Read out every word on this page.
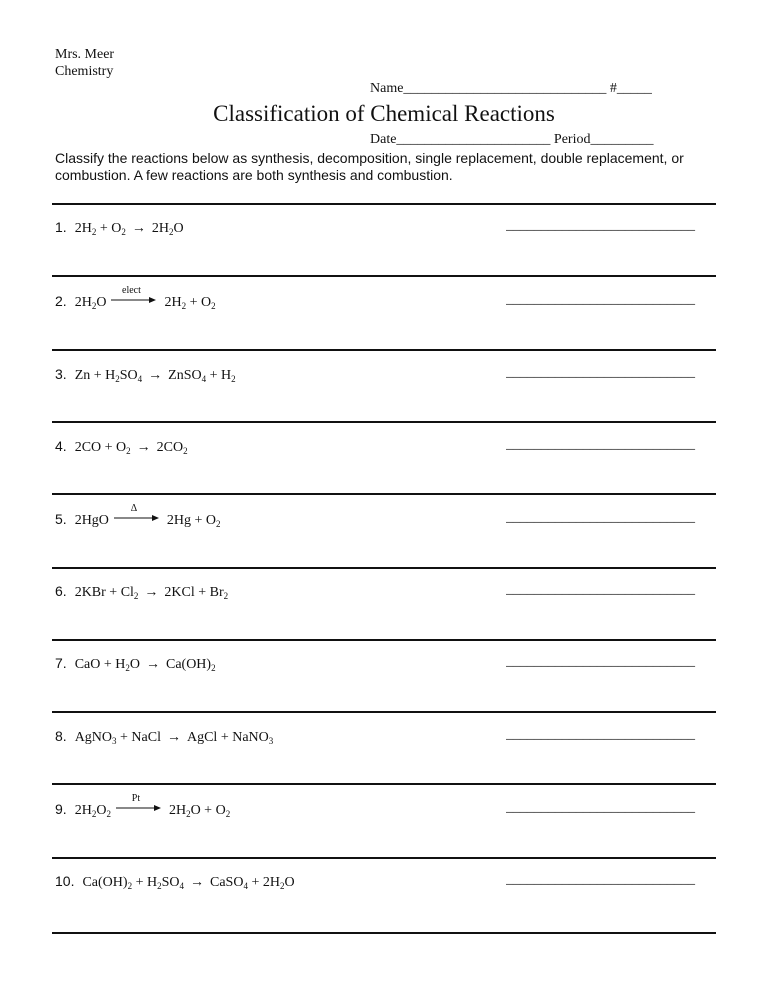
Mrs. Meer
Chemistry

Name_____________________________ #_____

Date______________________ Period_________

Classification of Chemical Reactions
Classify the reactions below as synthesis, decomposition, single replacement, double replacement, or combustion. A few reactions are both synthesis and combustion.
1. $2H_2 + O_2 \to 2H_2O$	___________________________
2. $2H_2O$
elect
$2H_2 + O_2$	___________________________
3. $Zn + H_2SO_4$ → ZnSO$_4$ + $H_2$	___________________________
4. $2CO + O_2 \to 2CO_2$	___________________________
5. 2HgO
Δ
$2Hg + O_2$	___________________________
6. $2KBr + Cl_2 \to 2KCl + Br_2$	___________________________
7. CaO + $H_2O \to Ca(OH)_2$	___________________________
8. AgNO$_3$ + NaCl → AgCl + NaNO$_3$	___________________________
9. $2H_2O_2$
Pt
$2H_2O + O_2$	___________________________
10. $Ca(OH)_2 + H_2SO_4$ → CaSO$_4$ + $2H_2O$	___________________________
